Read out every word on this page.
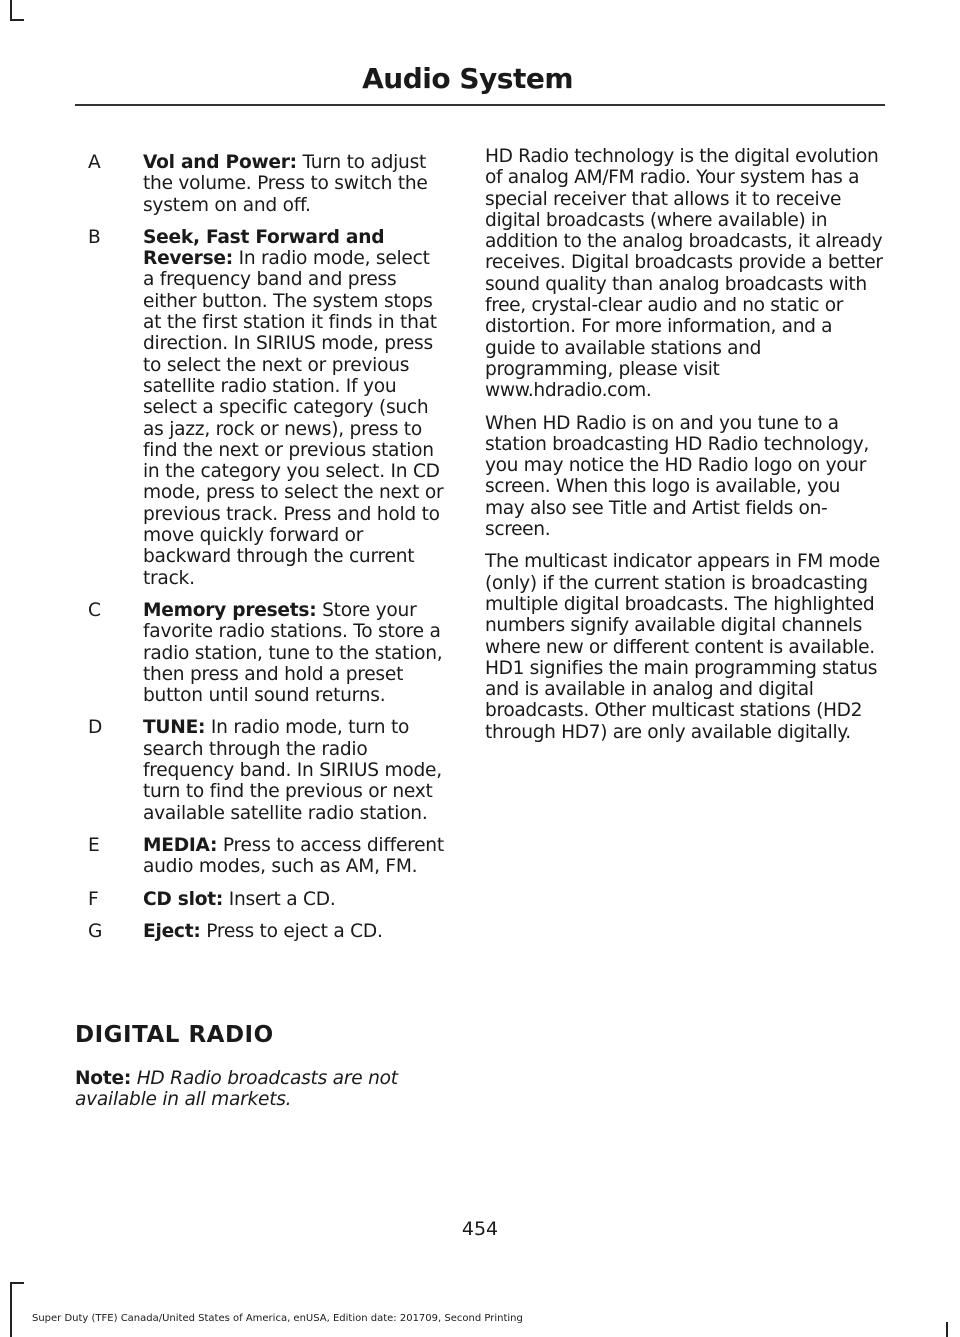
Audio System
A	Vol and Power: Turn to adjust the volume. Press to switch the system on and off.
B	Seek, Fast Forward and Reverse: In radio mode, select a frequency band and press either button. The system stops at the first station it finds in that direction. In SIRIUS mode, press to select the next or previous satellite radio station. If you select a specific category (such as jazz, rock or news), press to find the next or previous station in the category you select. In CD mode, press to select the next or previous track. Press and hold to move quickly forward or backward through the current track.
C	Memory presets: Store your favorite radio stations. To store a radio station, tune to the station, then press and hold a preset button until sound returns.
D	TUNE: In radio mode, turn to search through the radio frequency band. In SIRIUS mode, turn to find the previous or next available satellite radio station.
E	MEDIA: Press to access different audio modes, such as AM, FM.
F	CD slot: Insert a CD.
G	Eject: Press to eject a CD.
DIGITAL RADIO
Note: HD Radio broadcasts are not available in all markets.

HD Radio technology is the digital evolution of analog AM/FM radio. Your system has a special receiver that allows it to receive digital broadcasts (where available) in addition to the analog broadcasts, it already receives. Digital broadcasts provide a better sound quality than analog broadcasts with free, crystal-clear audio and no static or distortion. For more information, and a guide to available stations and programming, please visit www.hdradio.com.

When HD Radio is on and you tune to a station broadcasting HD Radio technology, you may notice the HD Radio logo on your screen. When this logo is available, you may also see Title and Artist fields on-screen.

The multicast indicator appears in FM mode (only) if the current station is broadcasting multiple digital broadcasts. The highlighted numbers signify available digital channels where new or different content is available. HD1 signifies the main programming status and is available in analog and digital broadcasts. Other multicast stations (HD2 through HD7) are only available digitally.

454
Super Duty (TFE) Canada/United States of America, enUSA, Edition date: 201709, Second Printing
